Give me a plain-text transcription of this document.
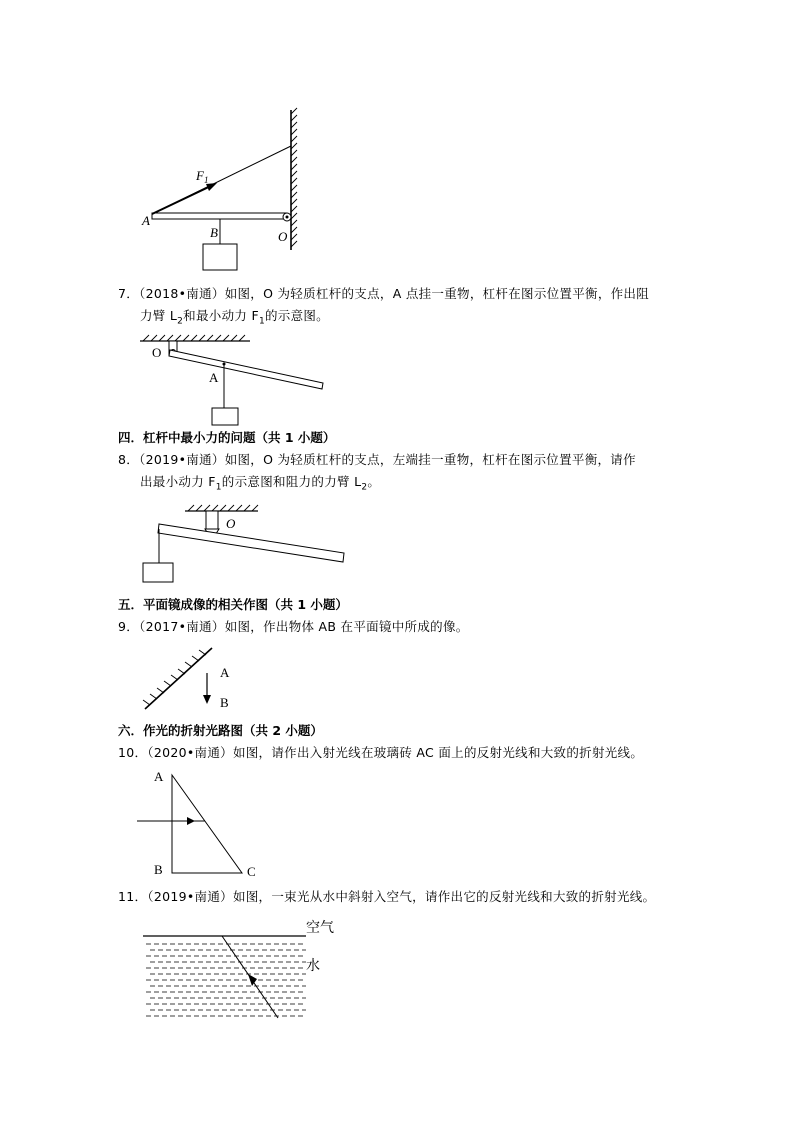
$F_1$
A
B	O
7．（2018•南通）如图，O 为轻质杠杆的支点，A 点挂一重物，杠杆在图示位置平衡，作出阻
力臂 $L_2$和最小动力 $F_1$的示意图。
O
A
四．杠杆中最小力的问题（共 1 小题）
8．（2019•南通）如图，O 为轻质杠杆的支点，左端挂一重物，杠杆在图示位置平衡，请作
出最小动力 $F_1$的示意图和阻力的力臂 $L_2$。
O
五．平面镜成像的相关作图（共 1 小题）
9．（2017•南通）如图，作出物体 AB 在平面镜中所成的像。
A
B
六．作光的折射光路图（共 2 小题）
10．（2020•南通）如图，请作出入射光线在玻璃砖 AC 面上的反射光线和大致的折射光线。
A
B	C
11．（2019•南通）如图，一束光从水中斜射入空气，请作出它的反射光线和大致的折射光线。
空气
水
